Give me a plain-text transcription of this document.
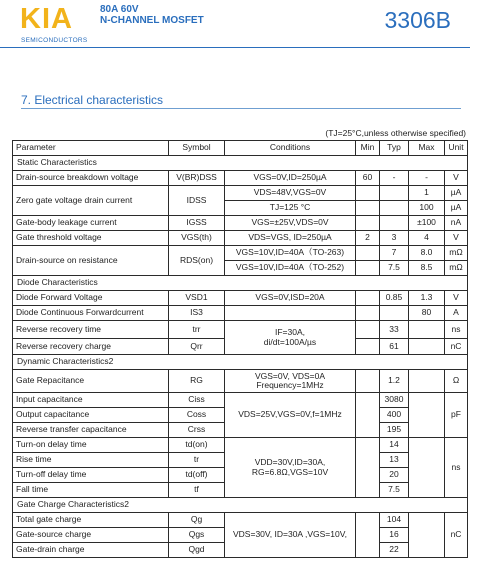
KIA
SEMICONDUCTORS
80A 60V
N-CHANNEL MOSFET	3306B
7. Electrical characteristics
(TJ=25°C,unless otherwise specified)
Parameter	Symbol	Conditions	Min	Typ	Max	Unit
Static Characteristics						
Drain-source breakdown voltage	V(BR)DSS	VGS=0V,ID=250µA	60	-	-	V
Zero gate voltage drain current	IDSS	VDS=48V,VGS=0V			1	µA
		TJ=125 °C			100	µA
Gate-body leakage current	IGSS	VGS=±25V,VDS=0V			±100	nA
Gate threshold voltage	VGS(th)	VDS=VGS, ID=250µA	2	3	4	V
Drain-source on resistance	RDS(on)	VGS=10V,ID=40A（TO-263)		7	8.0	mΩ
		VGS=10V,ID=40A（TO-252)		7.5	8.5	mΩ
Diode Characteristics						
Diode Forward Voltage	VSD1	VGS=0V,ISD=20A		0.85	1.3	V
Diode Continuous Forwardcurrent	IS3				80	A
Reverse recovery time	trr	IF=30A,
di/dt=100A/µs		33		ns
Reverse recovery charge	Qrr			61		nC
Dynamic Characteristics2						
Gate Repacitance	RG	VGS=0V, VDS=0A
Frequency=1MHz		1.2		Ω
Input capacitance	Ciss	VDS=25V,VGS=0V,f=1MHz		3080		pF
Output capacitance	Coss			400		
Reverse transfer capacitance	Crss			195		
Turn-on delay time	td(on)	VDD=30V,ID=30A,
RG=6.8Ω,VGS=10V		14		ns
Rise time	tr			13		
Turn-off delay time	td(off)			20		
Fall time	tf			7.5		
Gate Charge Characteristics2						
Total gate charge	Qg	VDS=30V, ID=30A ,VGS=10V,		104		nC
Gate-source charge	Qgs			16		
Gate-drain charge	Qgd			22		
